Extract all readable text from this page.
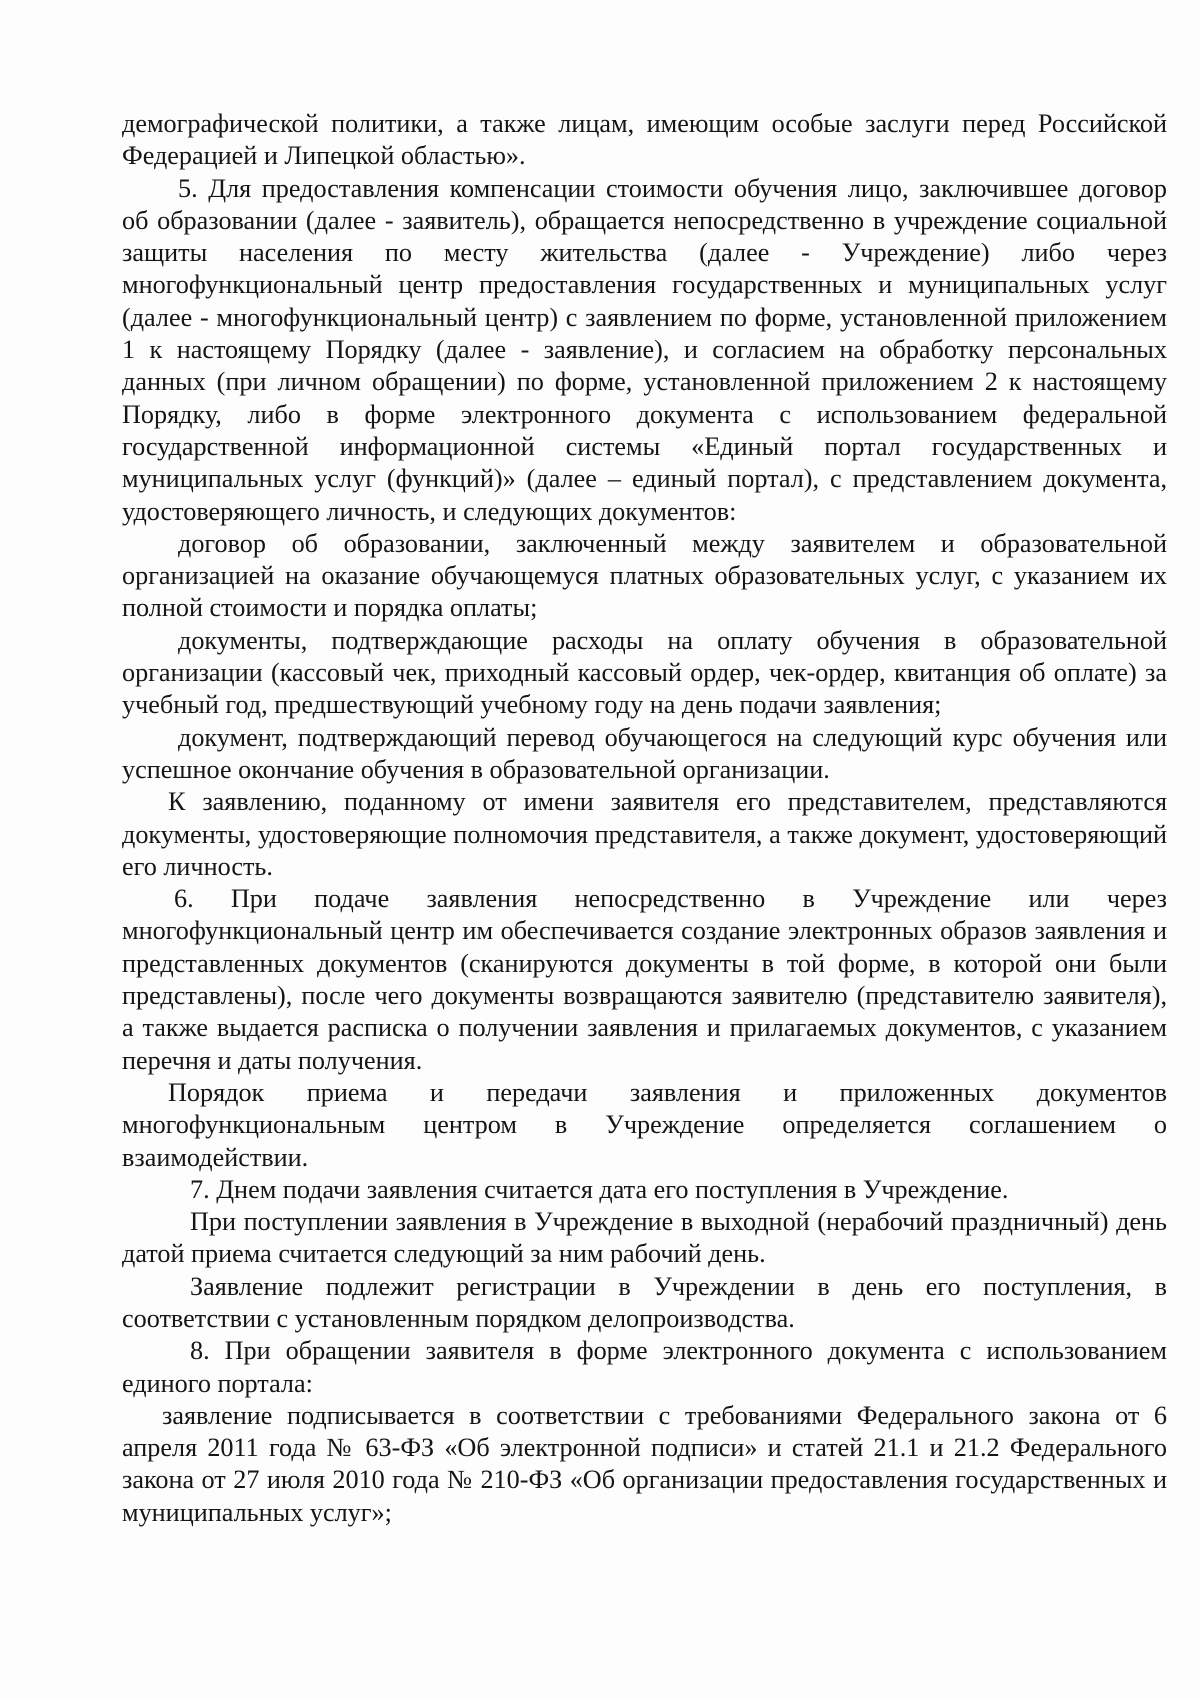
демографической политики, а также лицам, имеющим особые заслуги перед Российской Федерацией и Липецкой областью».

5. Для предоставления компенсации стоимости обучения лицо, заключившее договор об образовании (далее - заявитель), обращается непосредственно в учреждение социальной защиты населения по месту жительства (далее - Учреждение) либо через многофункциональный центр предоставления государственных и муниципальных услуг (далее - многофункциональный центр) с заявлением по форме, установленной приложением 1 к настоящему Порядку (далее - заявление), и согласием на обработку персональных данных (при личном обращении) по форме, установленной приложением 2 к настоящему Порядку, либо в форме электронного документа с использованием федеральной государственной информационной системы «Единый портал государственных и муниципальных услуг (функций)» (далее – единый портал), с представлением документа, удостоверяющего личность, и следующих документов:

договор об образовании, заключенный между заявителем и образовательной организацией на оказание обучающемуся платных образовательных услуг, с указанием их полной стоимости и порядка оплаты;

документы, подтверждающие расходы на оплату обучения в образовательной организации (кассовый чек, приходный кассовый ордер, чек-ордер, квитанция об оплате) за учебный год, предшествующий учебному году на день подачи заявления;

документ, подтверждающий перевод обучающегося на следующий курс обучения или успешное окончание обучения в образовательной организации.

К заявлению, поданному от имени заявителя его представителем, представляются документы, удостоверяющие полномочия представителя, а также документ, удостоверяющий его личность.

6. При подаче заявления непосредственно в Учреждение или через многофункциональный центр им обеспечивается создание электронных образов заявления и представленных документов (сканируются документы в той форме, в которой они были представлены), после чего документы возвращаются заявителю (представителю заявителя), а также выдается расписка о получении заявления и прилагаемых документов, с указанием перечня и даты получения.

Порядок приема и передачи заявления и приложенных документов многофункциональным центром в Учреждение определяется соглашением о взаимодействии.

7. Днем подачи заявления считается дата его поступления в Учреждение.

При поступлении заявления в Учреждение в выходной (нерабочий праздничный) день датой приема считается следующий за ним рабочий день.

Заявление подлежит регистрации в Учреждении в день его поступления, в соответствии с установленным порядком делопроизводства.

8. При обращении заявителя в форме электронного документа с использованием единого портала:

заявление подписывается в соответствии с требованиями Федерального закона от 6 апреля 2011 года № 63-ФЗ «Об электронной подписи» и статей 21.1 и 21.2 Федерального закона от 27 июля 2010 года № 210-ФЗ «Об организации предоставления государственных и муниципальных услуг»;
